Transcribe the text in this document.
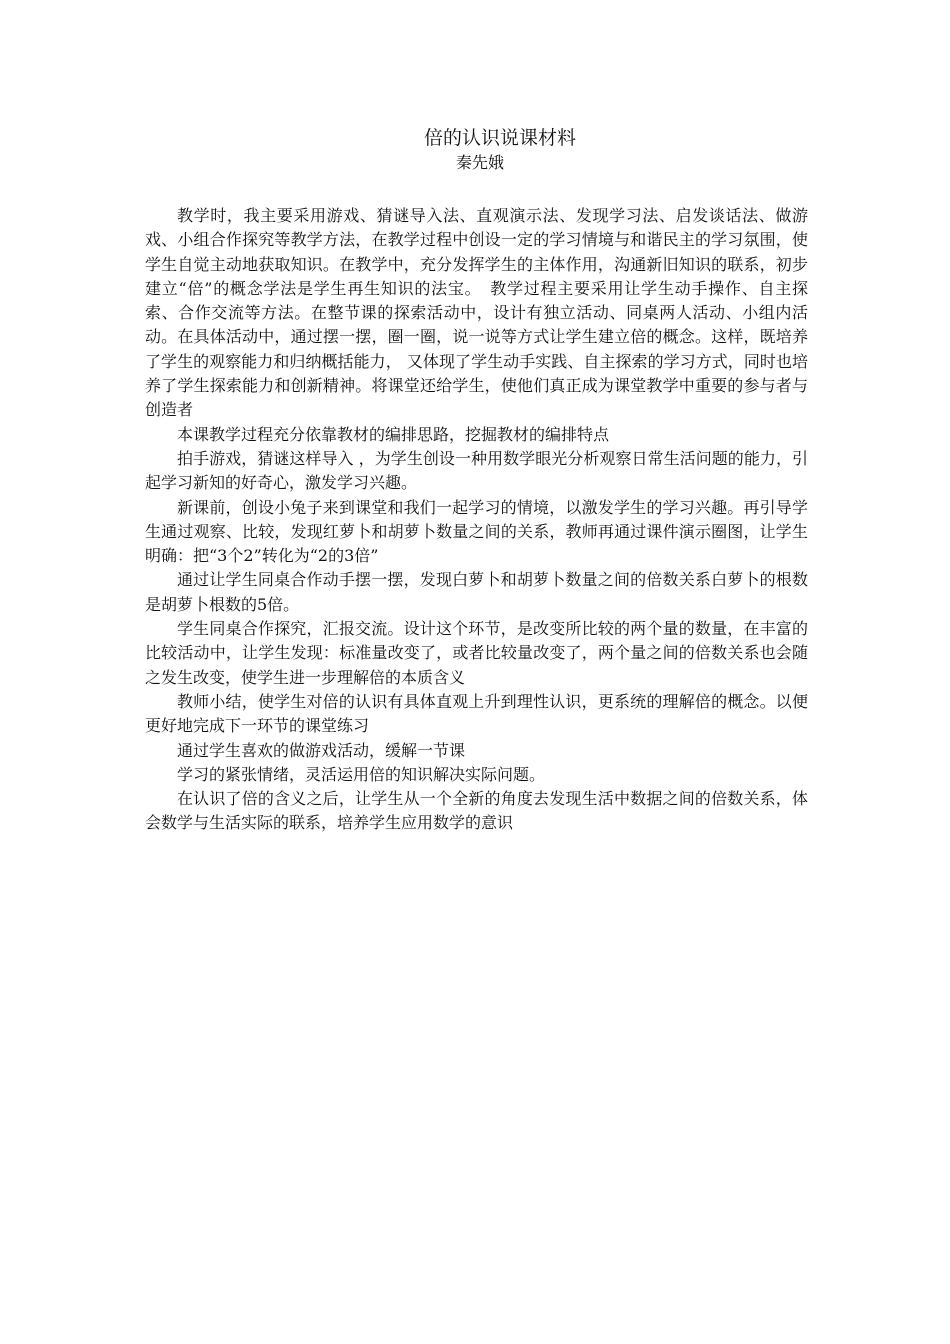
倍的认识说课材料
秦先娥

教学时，我主要采用游戏、猜谜导入法、直观演示法、发现学习法、启发谈话法、做游戏、小组合作探究等教学方法，在教学过程中创设一定的学习情境与和谐民主的学习氛围，使学生自觉主动地获取知识。在教学中，充分发挥学生的主体作用，沟通新旧知识的联系，初步建立“倍”的概念学法是学生再生知识的法宝。　教学过程主要采用让学生动手操作、自主探索、合作交流等方法。在整节课的探索活动中，设计有独立活动、同桌两人活动、小组内活动。在具体活动中，通过摆一摆，圈一圈，说一说等方式让学生建立倍的概念。这样，既培养了学生的观察能力和归纳概括能力， 又体现了学生动手实践、自主探索的学习方式，同时也培养了学生探索能力和创新精神。将课堂还给学生，使他们真正成为课堂教学中重要的参与者与创造者

本课教学过程充分依靠教材的编排思路，挖掘教材的编排特点

拍手游戏，猜谜这样导入 ，为学生创设一种用数学眼光分析观察日常生活问题的能力，引起学习新知的好奇心，激发学习兴趣。

新课前，创设小兔子来到课堂和我们一起学习的情境，以激发学生的学习兴趣。再引导学生通过观察、比较，发现红萝卜和胡萝卜数量之间的关系，教师再通过课件演示圈图，让学生明确：把“3个2”转化为“2的3倍”

通过让学生同桌合作动手摆一摆，发现白萝卜和胡萝卜数量之间的倍数关系白萝卜的根数是胡萝卜根数的5倍。

学生同桌合作探究，汇报交流。设计这个环节，是改变所比较的两个量的数量，在丰富的比较活动中，让学生发现：标准量改变了，或者比较量改变了，两个量之间的倍数关系也会随之发生改变，使学生进一步理解倍的本质含义

教师小结，使学生对倍的认识有具体直观上升到理性认识，更系统的理解倍的概念。以便更好地完成下一环节的课堂练习

通过学生喜欢的做游戏活动，缓解一节课

学习的紧张情绪，灵活运用倍的知识解决实际问题。

在认识了倍的含义之后，让学生从一个全新的角度去发现生活中数据之间的倍数关系，体会数学与生活实际的联系，培养学生应用数学的意识
